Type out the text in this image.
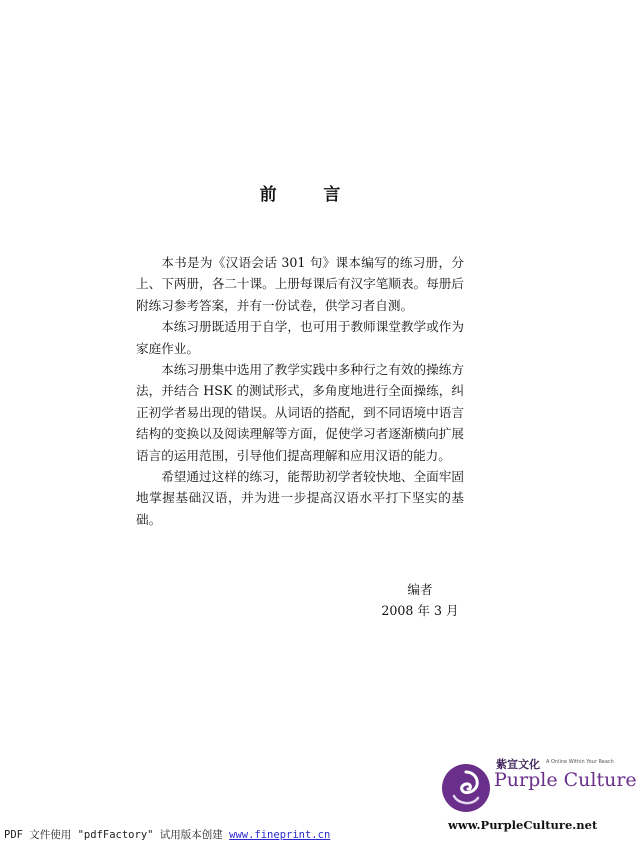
前 言

本书是为《汉语会话 301 句》课本编写的练习册，分上、下两册，各二十课。上册每课后有汉字笔顺表。每册后附练习参考答案，并有一份试卷，供学习者自测。

本练习册既适用于自学，也可用于教师课堂教学或作为家庭作业。

本练习册集中选用了教学实践中多种行之有效的操练方法，并结合 HSK 的测试形式，多角度地进行全面操练，纠正初学者易出现的错误。从词语的搭配，到不同语境中语言结构的变换以及阅读理解等方面，促使学习者逐渐横向扩展语言的运用范围，引导他们提高理解和应用汉语的能力。

希望通过这样的练习，能帮助初学者较快地、全面牢固地掌握基础汉语，并为进一步提高汉语水平打下坚实的基础。

编者
2008 年 3 月
紫宣文化 A Online Within Your Reach
Purple Culture
www.PurpleCulture.net
PDF 文件使用 "pdfFactory" 试用版本创建 www.fineprint.cn
